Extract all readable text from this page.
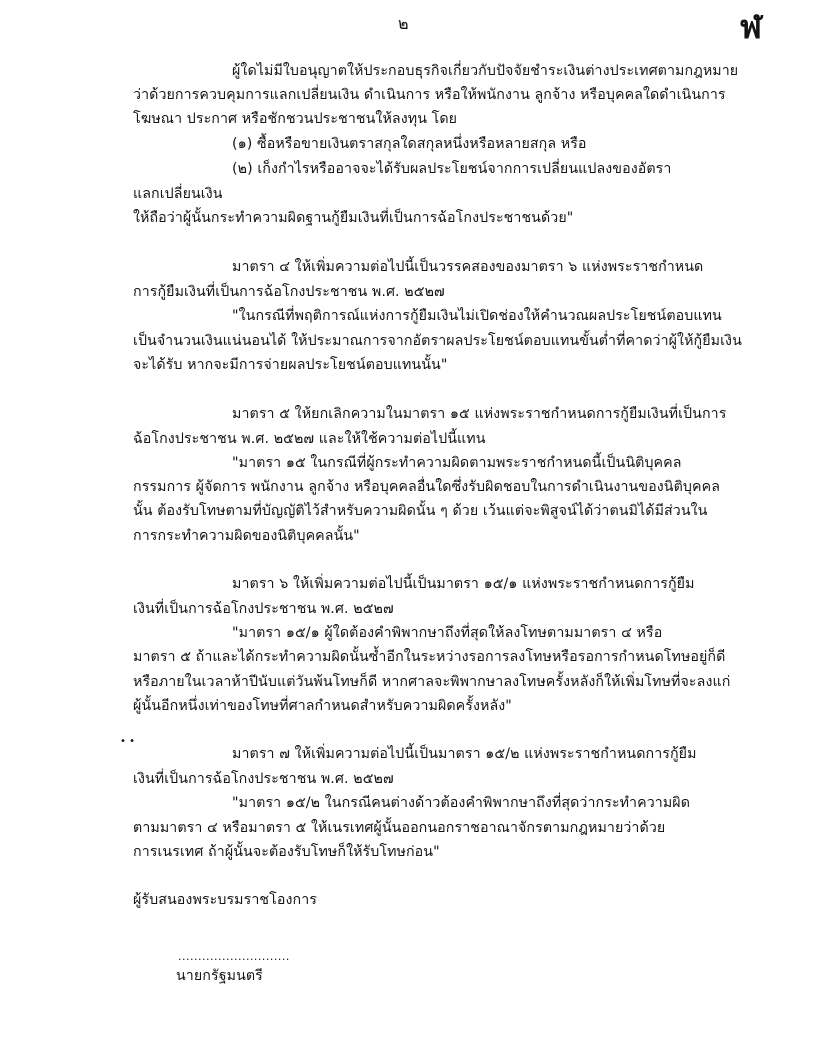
ฬ
๒
ผู้ใดไม่มีใบอนุญาตให้ประกอบธุรกิจเกี่ยวกับปัจจัยชำระเงินต่างประเทศตามกฎหมาย
ว่าด้วยการควบคุมการแลกเปลี่ยนเงิน ดำเนินการ หรือให้พนักงาน ลูกจ้าง หรือบุคคลใดดำเนินการ
โฆษณา ประกาศ หรือชักชวนประชาชนให้ลงทุน โดย
(๑) ซื้อหรือขายเงินตราสกุลใดสกุลหนึ่งหรือหลายสกุล หรือ
(๒) เก็งกำไรหรืออาจจะได้รับผลประโยชน์จากการเปลี่ยนแปลงของอัตรา
แลกเปลี่ยนเงิน
ให้ถือว่าผู้นั้นกระทำความผิดฐานกู้ยืมเงินที่เป็นการฉ้อโกงประชาชนด้วย"
มาตรา ๔ ให้เพิ่มความต่อไปนี้เป็นวรรคสองของมาตรา ๖ แห่งพระราชกำหนด
การกู้ยืมเงินที่เป็นการฉ้อโกงประชาชน พ.ศ. ๒๕๒๗
"ในกรณีที่พฤติการณ์แห่งการกู้ยืมเงินไม่เปิดช่องให้คำนวณผลประโยชน์ตอบแทน
เป็นจำนวนเงินแน่นอนได้ ให้ประมาณการจากอัตราผลประโยชน์ตอบแทนขั้นต่ำที่คาดว่าผู้ให้กู้ยืมเงิน
จะได้รับ หากจะมีการจ่ายผลประโยชน์ตอบแทนนั้น"
มาตรา ๕ ให้ยกเลิกความในมาตรา ๑๕ แห่งพระราชกำหนดการกู้ยืมเงินที่เป็นการ
ฉ้อโกงประชาชน พ.ศ. ๒๕๒๗ และให้ใช้ความต่อไปนี้แทน
"มาตรา ๑๕ ในกรณีที่ผู้กระทำความผิดตามพระราชกำหนดนี้เป็นนิติบุคคล
กรรมการ ผู้จัดการ พนักงาน ลูกจ้าง หรือบุคคลอื่นใดซึ่งรับผิดชอบในการดำเนินงานของนิติบุคคล
นั้น ต้องรับโทษตามที่บัญญัติไว้สำหรับความผิดนั้น ๆ ด้วย เว้นแต่จะพิสูจน์ได้ว่าตนมิได้มีส่วนใน
การกระทำความผิดของนิติบุคคลนั้น"
มาตรา ๖ ให้เพิ่มความต่อไปนี้เป็นมาตรา ๑๕/๑ แห่งพระราชกำหนดการกู้ยืม
เงินที่เป็นการฉ้อโกงประชาชน พ.ศ. ๒๕๒๗
"มาตรา ๑๕/๑ ผู้ใดต้องคำพิพากษาถึงที่สุดให้ลงโทษตามมาตรา ๔ หรือ
มาตรา ๕ ถ้าและได้กระทำความผิดนั้นซ้ำอีกในระหว่างรอการลงโทษหรือรอการกำหนดโทษอยู่ก็ดี
หรือภายในเวลาห้าปีนับแต่วันพ้นโทษก็ดี หากศาลจะพิพากษาลงโทษครั้งหลังก็ให้เพิ่มโทษที่จะลงแก่
ผู้นั้นอีกหนึ่งเท่าของโทษที่ศาลกำหนดสำหรับความผิดครั้งหลัง"
• •
มาตรา ๗ ให้เพิ่มความต่อไปนี้เป็นมาตรา ๑๕/๒ แห่งพระราชกำหนดการกู้ยืม
เงินที่เป็นการฉ้อโกงประชาชน พ.ศ. ๒๕๒๗
"มาตรา ๑๕/๒ ในกรณีคนต่างด้าวต้องคำพิพากษาถึงที่สุดว่ากระทำความผิด
ตามมาตรา ๔ หรือมาตรา ๕ ให้เนรเทศผู้นั้นออกนอกราชอาณาจักรตามกฎหมายว่าด้วย
การเนรเทศ ถ้าผู้นั้นจะต้องรับโทษก็ให้รับโทษก่อน"
ผู้รับสนองพระบรมราชโองการ
............................
นายกรัฐมนตรี
